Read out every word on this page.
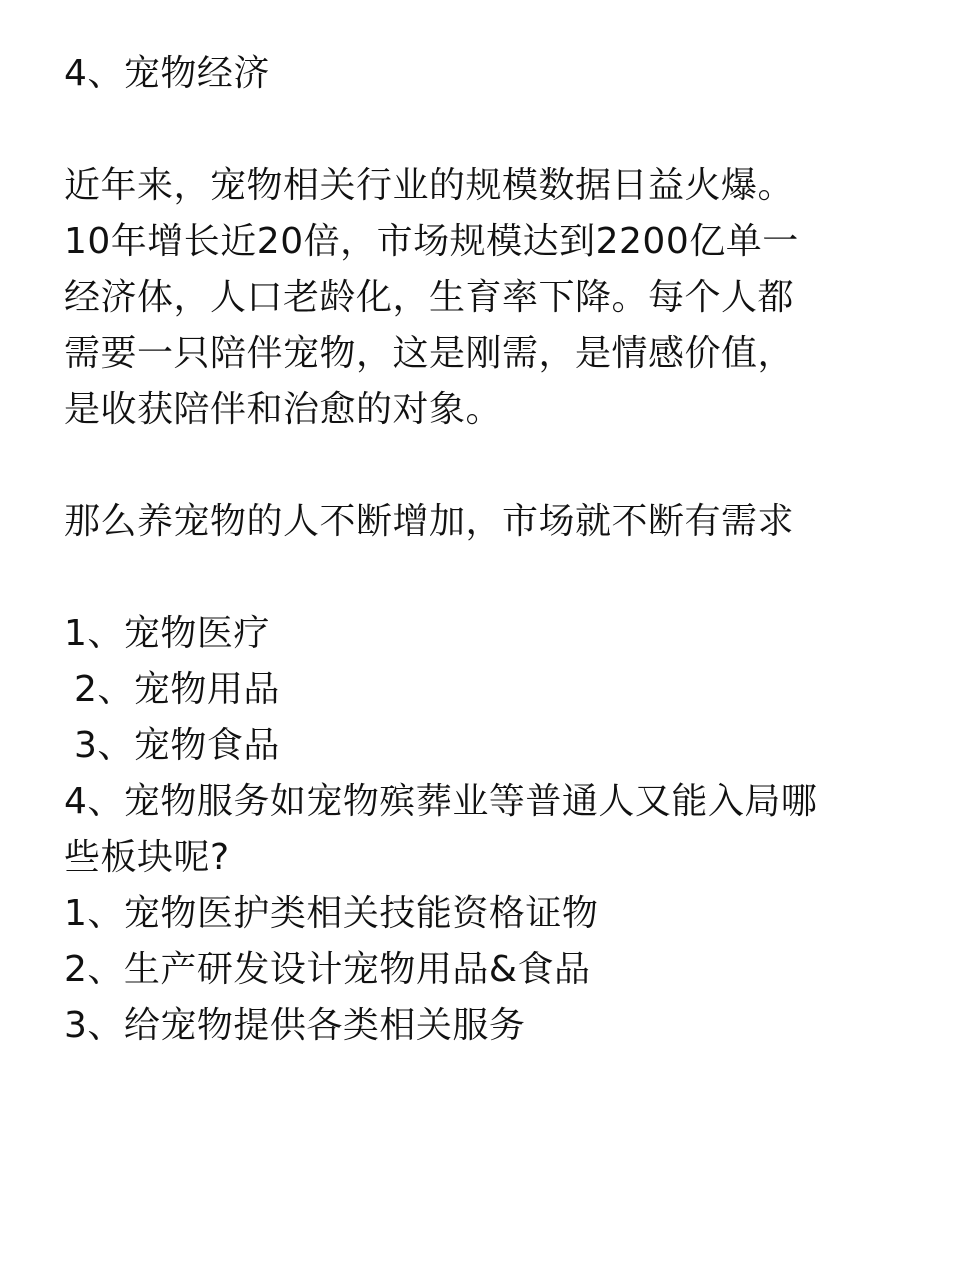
4、宠物经济
近年来，宠物相关行业的规模数据日益火爆。
10年增长近20倍，市场规模达到2200亿单一
经济体，人口老龄化，生育率下降。每个人都
需要一只陪伴宠物，这是刚需，是情感价值，
是收获陪伴和治愈的对象。
那么养宠物的人不断增加，市场就不断有需求
1、宠物医疗
2、宠物用品
3、宠物食品
4、宠物服务如宠物殡葬业等普通人又能入局哪
些板块呢?
1、宠物医护类相关技能资格证物
2、生产研发设计宠物用品&食品
3、给宠物提供各类相关服务
